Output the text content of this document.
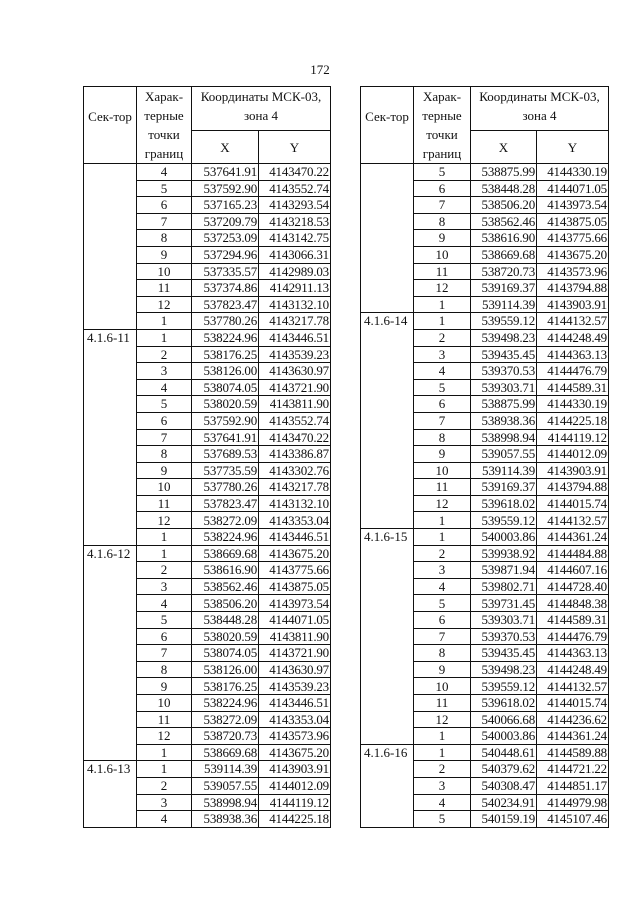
172
Сек-тор	Харак-терные точки границ	Координаты МСК-03, зона 4	
		X	Y
	4	537641.91	4143470.22
	5	537592.90	4143552.74
	6	537165.23	4143293.54
	7	537209.79	4143218.53
	8	537253.09	4143142.75
	9	537294.96	4143066.31
	10	537335.57	4142989.03
	11	537374.86	4142911.13
	12	537823.47	4143132.10
	1	537780.26	4143217.78
4.1.6-11	1	538224.96	4143446.51
	2	538176.25	4143539.23
	3	538126.00	4143630.97
	4	538074.05	4143721.90
	5	538020.59	4143811.90
	6	537592.90	4143552.74
	7	537641.91	4143470.22
	8	537689.53	4143386.87
	9	537735.59	4143302.76
	10	537780.26	4143217.78
	11	537823.47	4143132.10
	12	538272.09	4143353.04
	1	538224.96	4143446.51
4.1.6-12	1	538669.68	4143675.20
	2	538616.90	4143775.66
	3	538562.46	4143875.05
	4	538506.20	4143973.54
	5	538448.28	4144071.05
	6	538020.59	4143811.90
	7	538074.05	4143721.90
	8	538126.00	4143630.97
	9	538176.25	4143539.23
	10	538224.96	4143446.51
	11	538272.09	4143353.04
	12	538720.73	4143573.96
	1	538669.68	4143675.20
4.1.6-13	1	539114.39	4143903.91
	2	539057.55	4144012.09
	3	538998.94	4144119.12
	4	538938.36	4144225.18
Сек-тор	Харак-терные точки границ	Координаты МСК-03, зона 4	
		X	Y
	5	538875.99	4144330.19
	6	538448.28	4144071.05
	7	538506.20	4143973.54
	8	538562.46	4143875.05
	9	538616.90	4143775.66
	10	538669.68	4143675.20
	11	538720.73	4143573.96
	12	539169.37	4143794.88
	1	539114.39	4143903.91
4.1.6-14	1	539559.12	4144132.57
	2	539498.23	4144248.49
	3	539435.45	4144363.13
	4	539370.53	4144476.79
	5	539303.71	4144589.31
	6	538875.99	4144330.19
	7	538938.36	4144225.18
	8	538998.94	4144119.12
	9	539057.55	4144012.09
	10	539114.39	4143903.91
	11	539169.37	4143794.88
	12	539618.02	4144015.74
	1	539559.12	4144132.57
4.1.6-15	1	540003.86	4144361.24
	2	539938.92	4144484.88
	3	539871.94	4144607.16
	4	539802.71	4144728.40
	5	539731.45	4144848.38
	6	539303.71	4144589.31
	7	539370.53	4144476.79
	8	539435.45	4144363.13
	9	539498.23	4144248.49
	10	539559.12	4144132.57
	11	539618.02	4144015.74
	12	540066.68	4144236.62
	1	540003.86	4144361.24
4.1.6-16	1	540448.61	4144589.88
	2	540379.62	4144721.22
	3	540308.47	4144851.17
	4	540234.91	4144979.98
	5	540159.19	4145107.46
